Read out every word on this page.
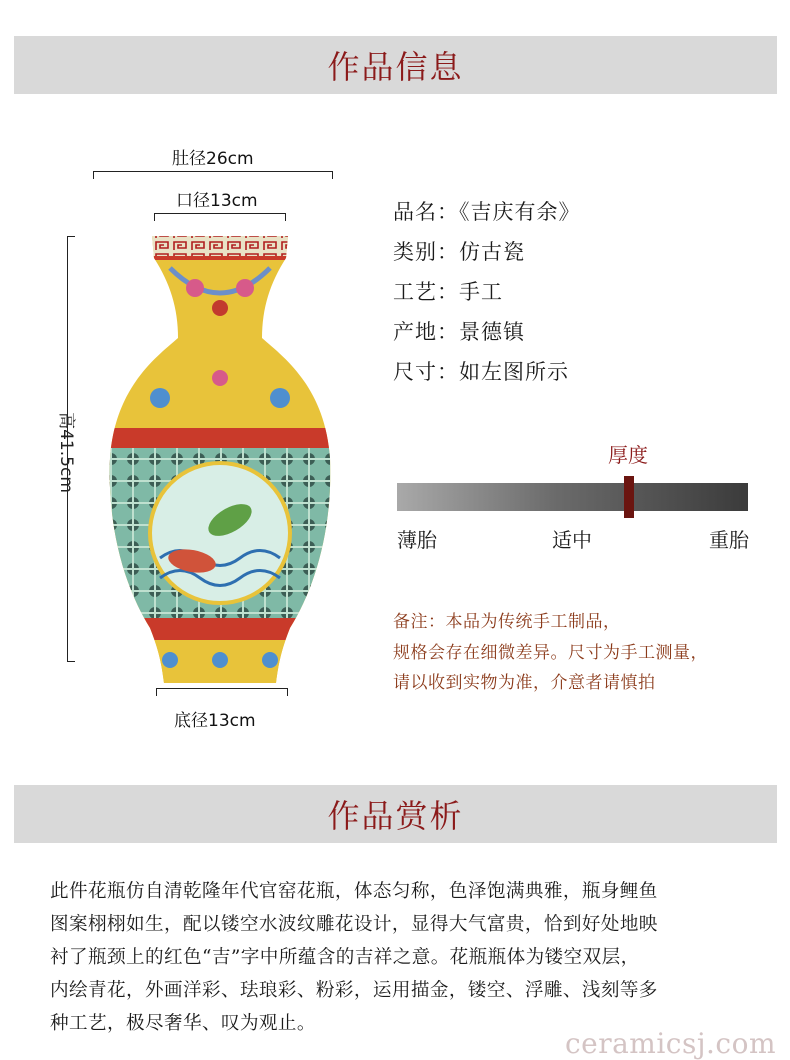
作品信息
肚径26cm
口径13cm
高41.5cm
底径13cm
品名：《吉庆有余》
类别：仿古瓷
工艺：手工
产地：景德镇
尺寸：如左图所示
厚度
薄胎	适中	重胎
备注：本品为传统手工制品，
规格会存在细微差异。尺寸为手工测量，
请以收到实物为准，介意者请慎拍
作品赏析
此件花瓶仿自清乾隆年代官窑花瓶，体态匀称，色泽饱满典雅，瓶身鲤鱼
图案栩栩如生，配以镂空水波纹雕花设计，显得大气富贵，恰到好处地映
衬了瓶颈上的红色“吉”字中所蕴含的吉祥之意。花瓶瓶体为镂空双层，
内绘青花，外画洋彩、珐琅彩、粉彩，运用描金，镂空、浮雕、浅刻等多
种工艺，极尽奢华、叹为观止。
ceramicsj.com
